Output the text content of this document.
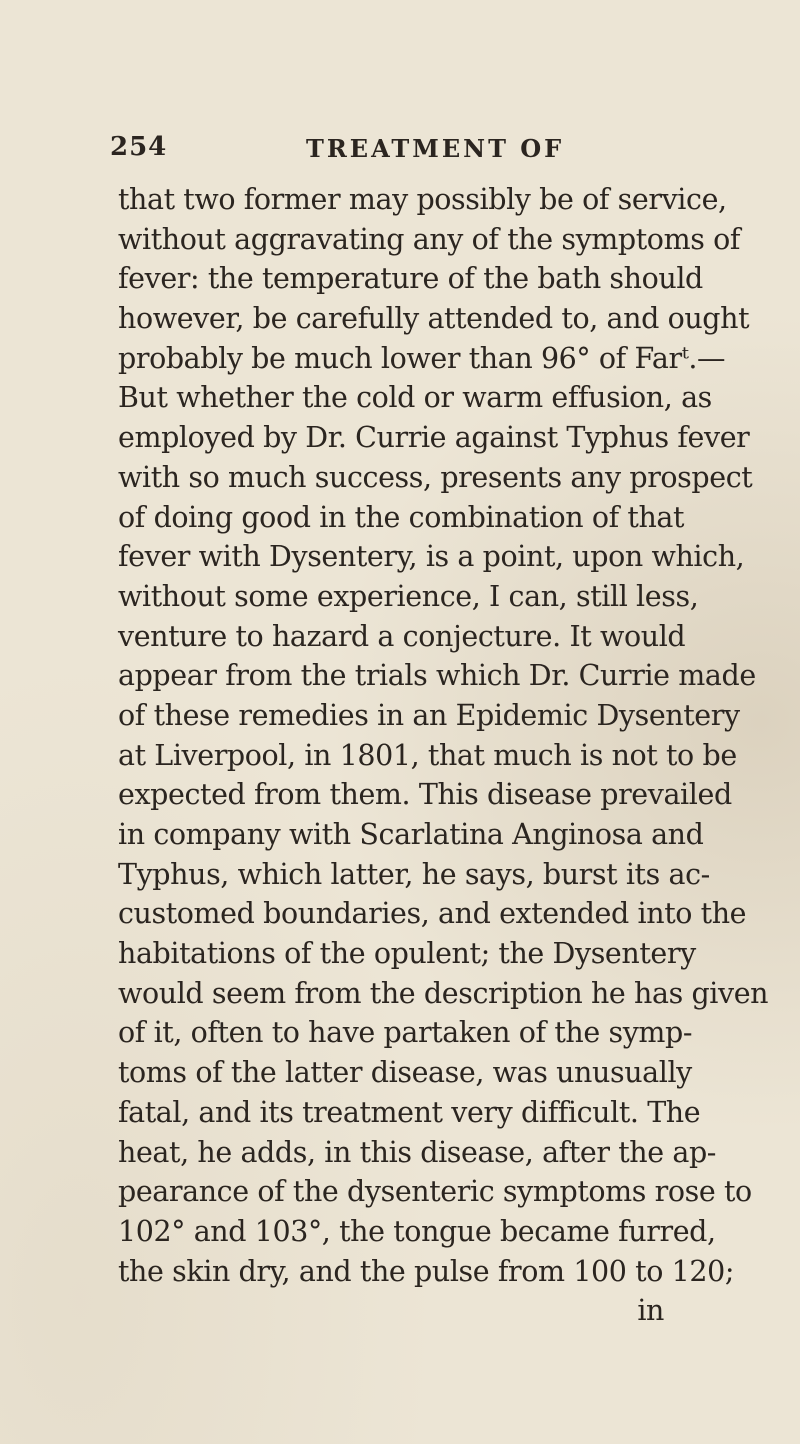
254	TREATMENT OF
that two former may possibly be of service,
without aggravating any of the symptoms of
fever: the temperature of the bath should
however, be carefully attended to, and ought
probably be much lower than 96° of Farᵗ.—
But whether the cold or warm effusion, as
employed by Dr. Currie against Typhus fever
with so much success, presents any prospect
of doing good in the combination of that
fever with Dysentery, is a point, upon which,
without some experience, I can, still less,
venture to hazard a conjecture. It would
appear from the trials which Dr. Currie made
of these remedies in an Epidemic Dysentery
at Liverpool, in 1801, that much is not to be
expected from them. This disease prevailed
in company with Scarlatina Anginosa and
Typhus, which latter, he says, burst its ac-
customed boundaries, and extended into the
habitations of the opulent; the Dysentery
would seem from the description he has given
of it, often to have partaken of the symp-
toms of the latter disease, was unusually
fatal, and its treatment very difficult. The
heat, he adds, in this disease, after the ap-
pearance of the dysenteric symptoms rose to
102° and 103°, the tongue became furred,
the skin dry, and the pulse from 100 to 120;
in
